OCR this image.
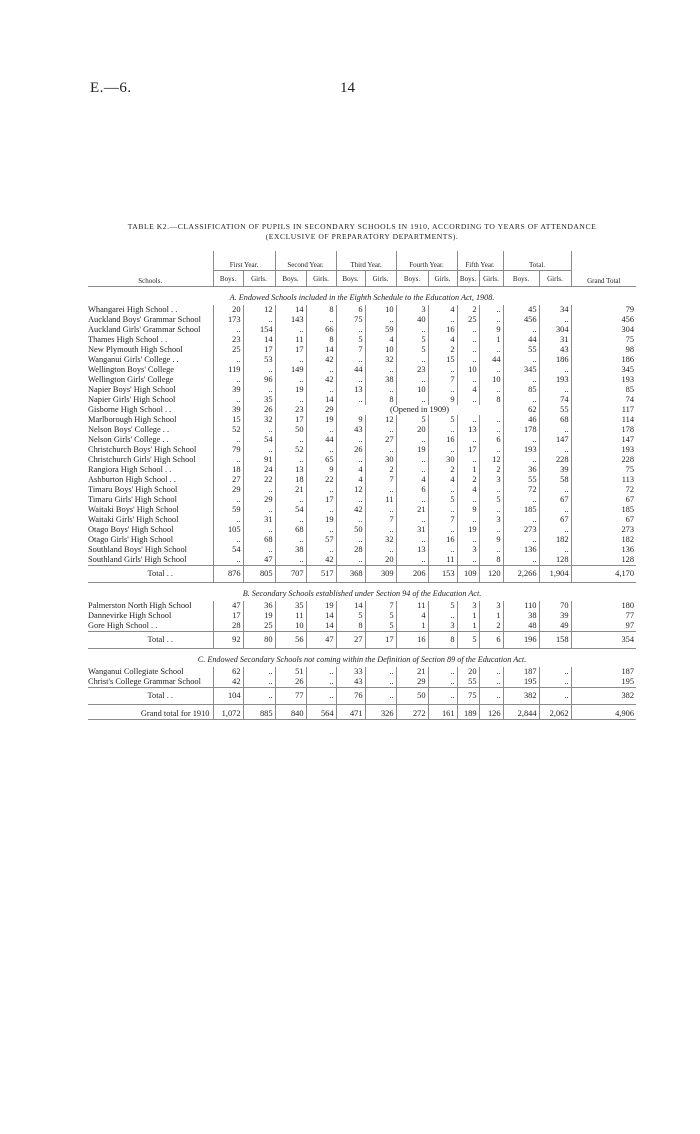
E.—6.	14
TABLE K2.—CLASSIFICATION OF PUPILS IN SECONDARY SCHOOLS IN 1910, ACCORDING TO YEARS OF ATTENDANCE
(EXCLUSIVE OF PREPARATORY DEPARTMENTS).
Schools.	First Year.		Second Year.		Third Year.		Fourth Year.		Fifth Year.		Total.		Grand Total
	Boys.	Girls.	Boys.	Girls.	Boys.	Girls.	Boys.	Girls.	Boys.	Girls.	Boys.	Girls.	
A. Endowed Schools included in the Eighth Schedule to the Education Act, 1908.													
Whangarei High School . .	20	12	14	8	6	10	3	4	2	..	45	34	79
Auckland Boys' Grammar School	173	..	143	..	75	..	40	..	25	..	456	..	456
Auckland Girls' Grammar School	..	154	..	66	..	59	..	16	..	9	..	304	304
Thames High School . .	23	14	11	8	5	4	5	4	..	1	44	31	75
New Plymouth High School	25	17	17	14	7	10	5	2	..	..	55	43	98
Wanganui Girls' College . .	..	53	..	42	..	32	..	15	..	44	..	186	186
Wellington Boys' College	119	..	149	..	44	..	23	..	10	..	345	..	345
Wellington Girls' College	..	96	..	42	..	38	..	7	..	10	..	193	193
Napier Boys' High School	39	..	19	..	13	..	10	..	4	..	85	..	85
Napier Girls' High School	..	35	..	14	..	8	..	9	..	8	..	74	74
Gisborne High School . .	39	26	23	29	(Opened in 1909)						62	55	117
Marlborough High School	15	32	17	19	9	12	5	5	..	..	46	68	114
Nelson Boys' College . .	52	..	50	..	43	..	20	..	13	..	178	..	178
Nelson Girls' College . .	..	54	..	44	..	27	..	16	..	6	..	147	147
Christchurch Boys' High School	79	..	52	..	26	..	19	..	17	..	193	..	193
Christchurch Girls' High School	..	91	..	65	..	30	..	30	..	12	..	228	228
Rangiora High School . .	18	24	13	9	4	2	..	2	1	2	36	39	75
Ashburton High School . .	27	22	18	22	4	7	4	4	2	3	55	58	113
Timaru Boys' High School	29	..	21	..	12	..	6	..	4	..	72	..	72
Timaru Girls' High School	..	29	..	17	..	11	..	5	..	5	..	67	67
Waitaki Boys' High School	59	..	54	..	42	..	21	..	9	..	185	..	185
Waitaki Girls' High School	..	31	..	19	..	7	..	7	..	3	..	67	67
Otago Boys' High School	105	..	68	..	50	..	31	..	19	..	273	..	273
Otago Girls' High School	..	68	..	57	..	32	..	16	..	9	..	182	182
Southland Boys' High School	54	..	38	..	28	..	13	..	3	..	136	..	136
Southland Girls' High School	..	47	..	42	..	20	..	11	..	8	..	128	128
Total . .	876	805	707	517	368	309	206	153	109	120	2,266	1,904	4,170
B. Secondary Schools established under Section 94 of the Education Act.													
Palmerston North High School	47	36	35	19	14	7	11	5	3	3	110	70	180
Dannevirke High School	17	19	11	14	5	5	4	..	1	1	38	39	77
Gore High School . .	28	25	10	14	8	5	1	3	1	2	48	49	97
Total . .	92	80	56	47	27	17	16	8	5	6	196	158	354
C. Endowed Secondary Schools not coming within the Definition of Section 89 of the Education Act.													
Wanganui Collegiate School	62	..	51	..	33	..	21	..	20	..	187	..	187
Christ's College Grammar School	42	..	26	..	43	..	29	..	55	..	195	..	195
Total . .	104	..	77	..	76	..	50	..	75	..	382	..	382
Grand total for 1910	1,072	885	840	564	471	326	272	161	189	126	2,844	2,062	4,906
